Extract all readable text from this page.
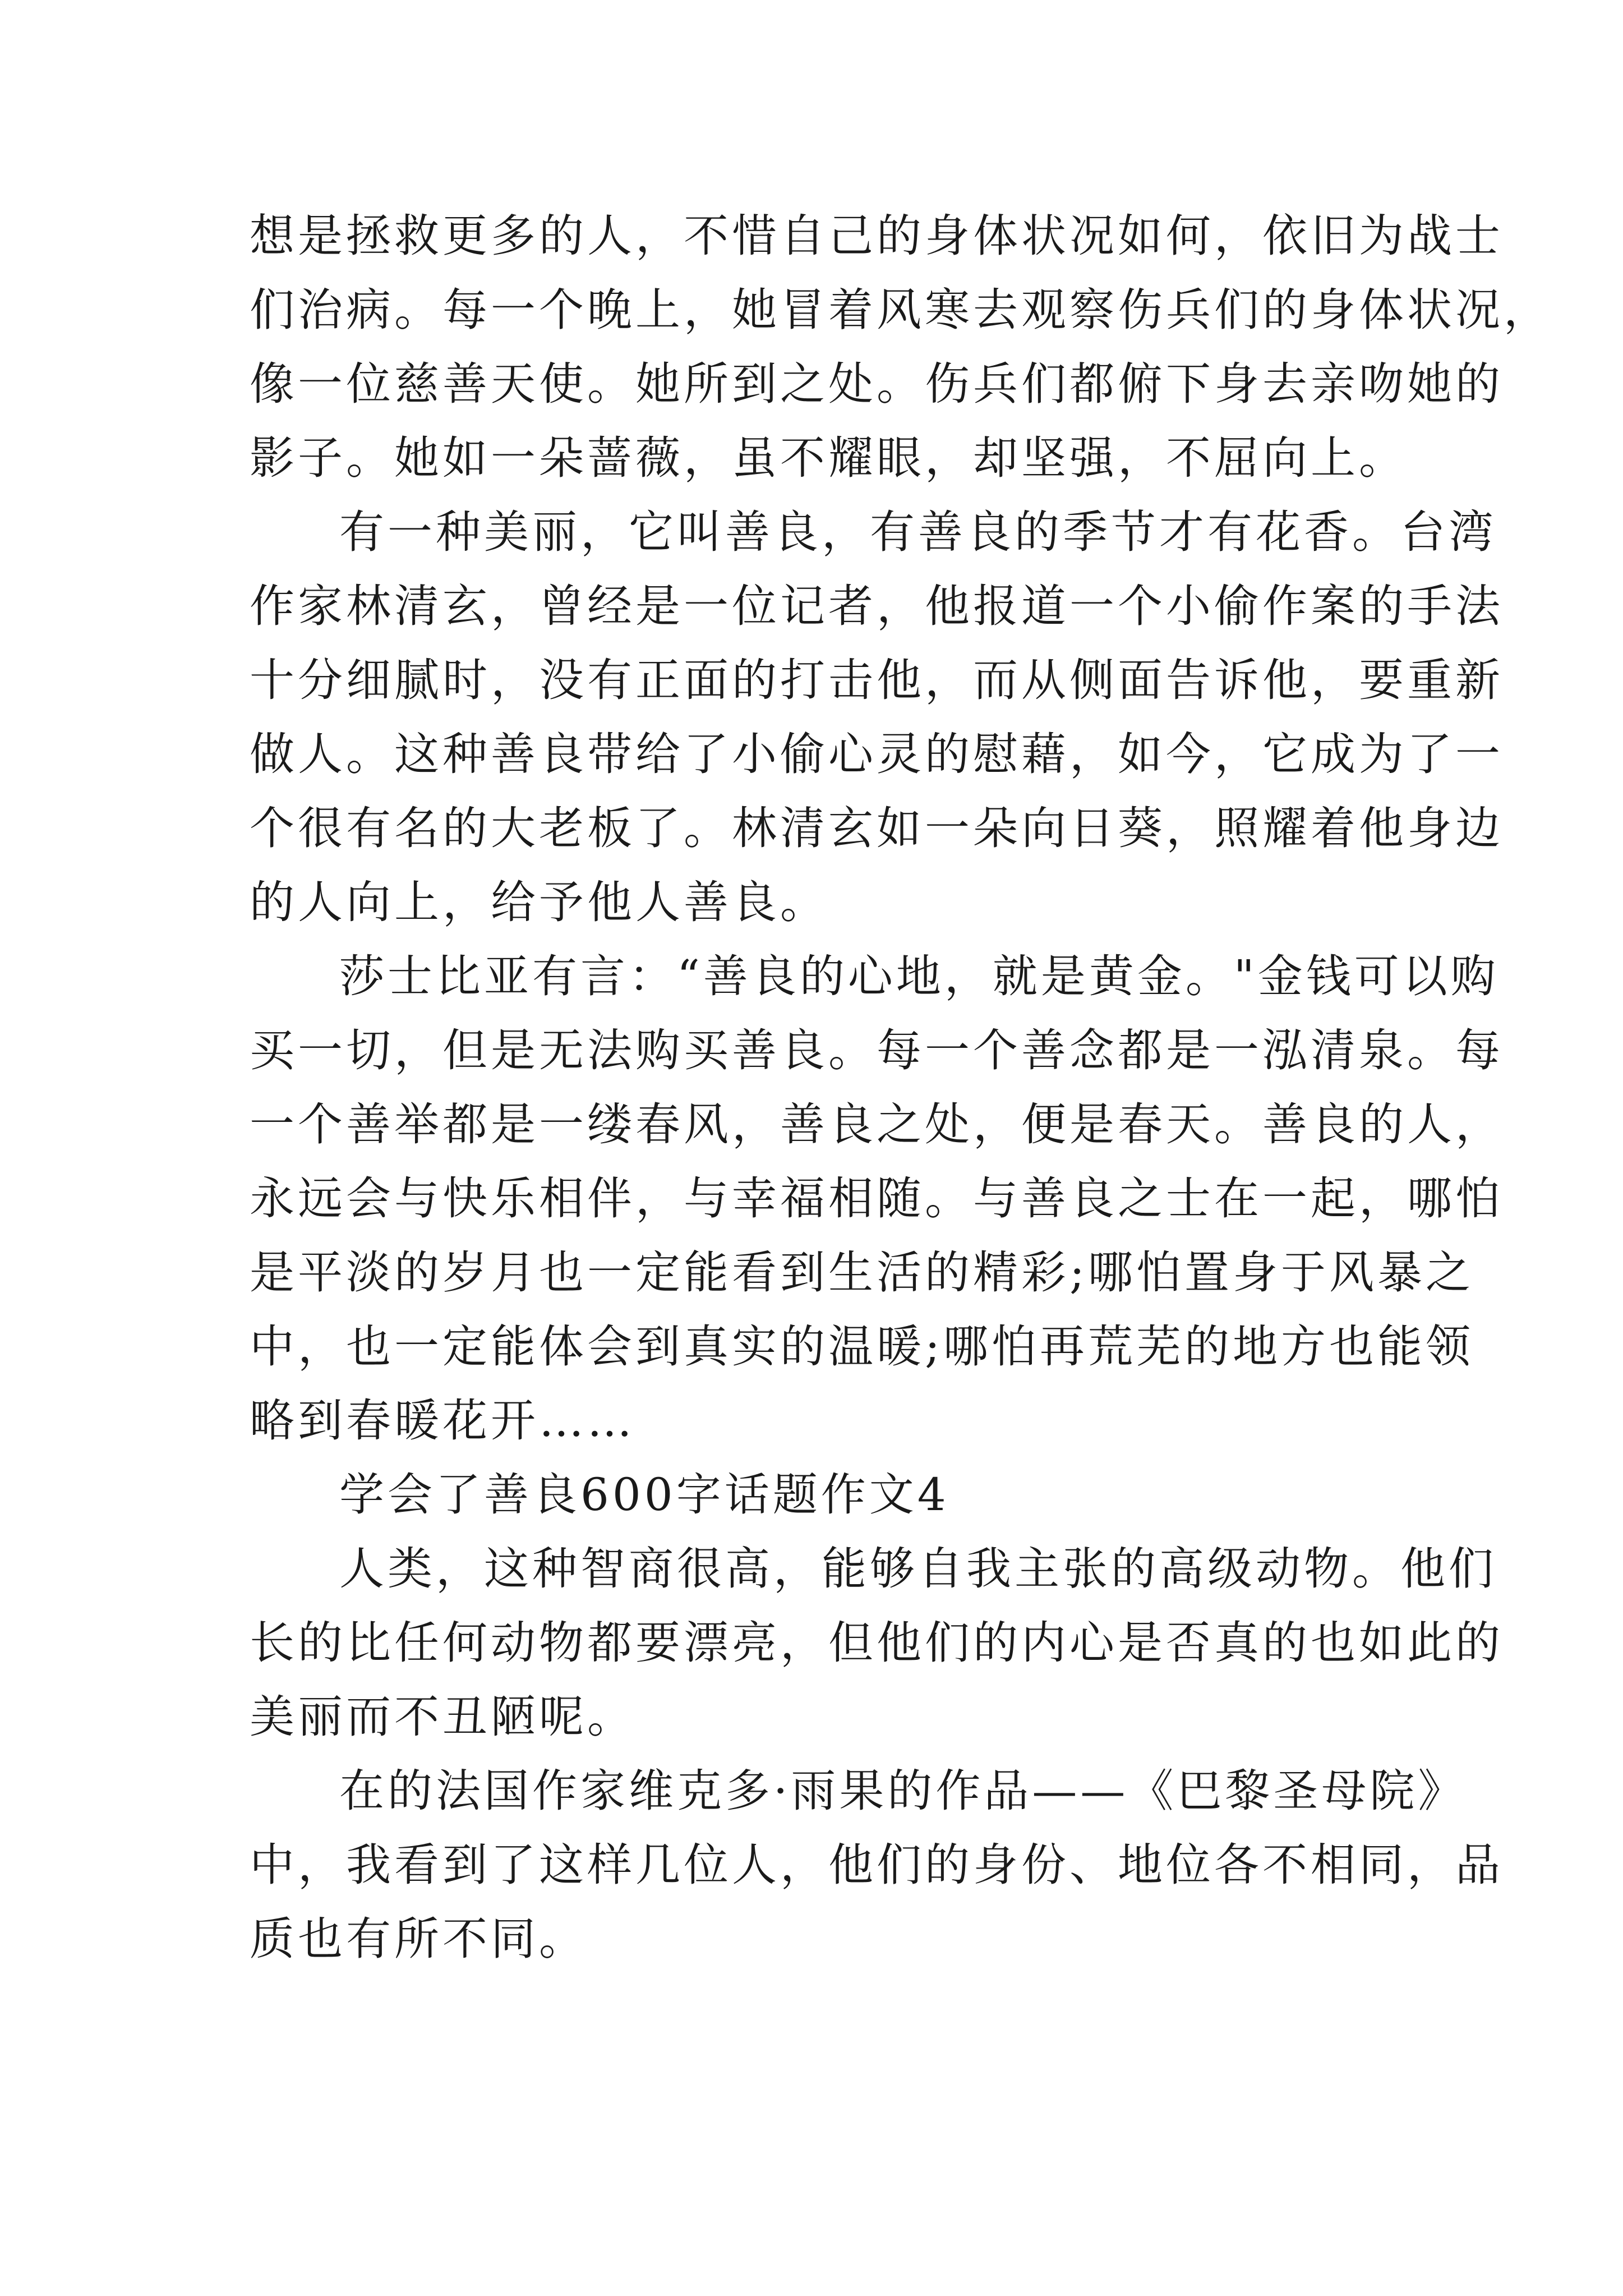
想是拯救更多的人，不惜自己的身体状况如何，依旧为战士
们治病。每一个晚上，她冒着风寒去观察伤兵们的身体状况，
像一位慈善天使。她所到之处。伤兵们都俯下身去亲吻她的
影子。她如一朵蔷薇，虽不耀眼，却坚强，不屈向上。
有一种美丽，它叫善良，有善良的季节才有花香。台湾
作家林清玄，曾经是一位记者，他报道一个小偷作案的手法
十分细腻时，没有正面的打击他，而从侧面告诉他，要重新
做人。这种善良带给了小偷心灵的慰藉，如今，它成为了一
个很有名的大老板了。林清玄如一朵向日葵，照耀着他身边
的人向上，给予他人善良。
莎士比亚有言：“善良的心地，就是黄金。"金钱可以购
买一切，但是无法购买善良。每一个善念都是一泓清泉。每
一个善举都是一缕春风，善良之处，便是春天。善良的人，
永远会与快乐相伴，与幸福相随。与善良之士在一起，哪怕
是平淡的岁月也一定能看到生活的精彩;哪怕置身于风暴之
中，也一定能体会到真实的温暖;哪怕再荒芜的地方也能领
略到春暖花开……
学会了善良600字话题作文4
人类，这种智商很高，能够自我主张的高级动物。他们
长的比任何动物都要漂亮，但他们的内心是否真的也如此的
美丽而不丑陋呢。
在的法国作家维克多·雨果的作品——《巴黎圣母院》
中，我看到了这样几位人，他们的身份、地位各不相同，品
质也有所不同。
